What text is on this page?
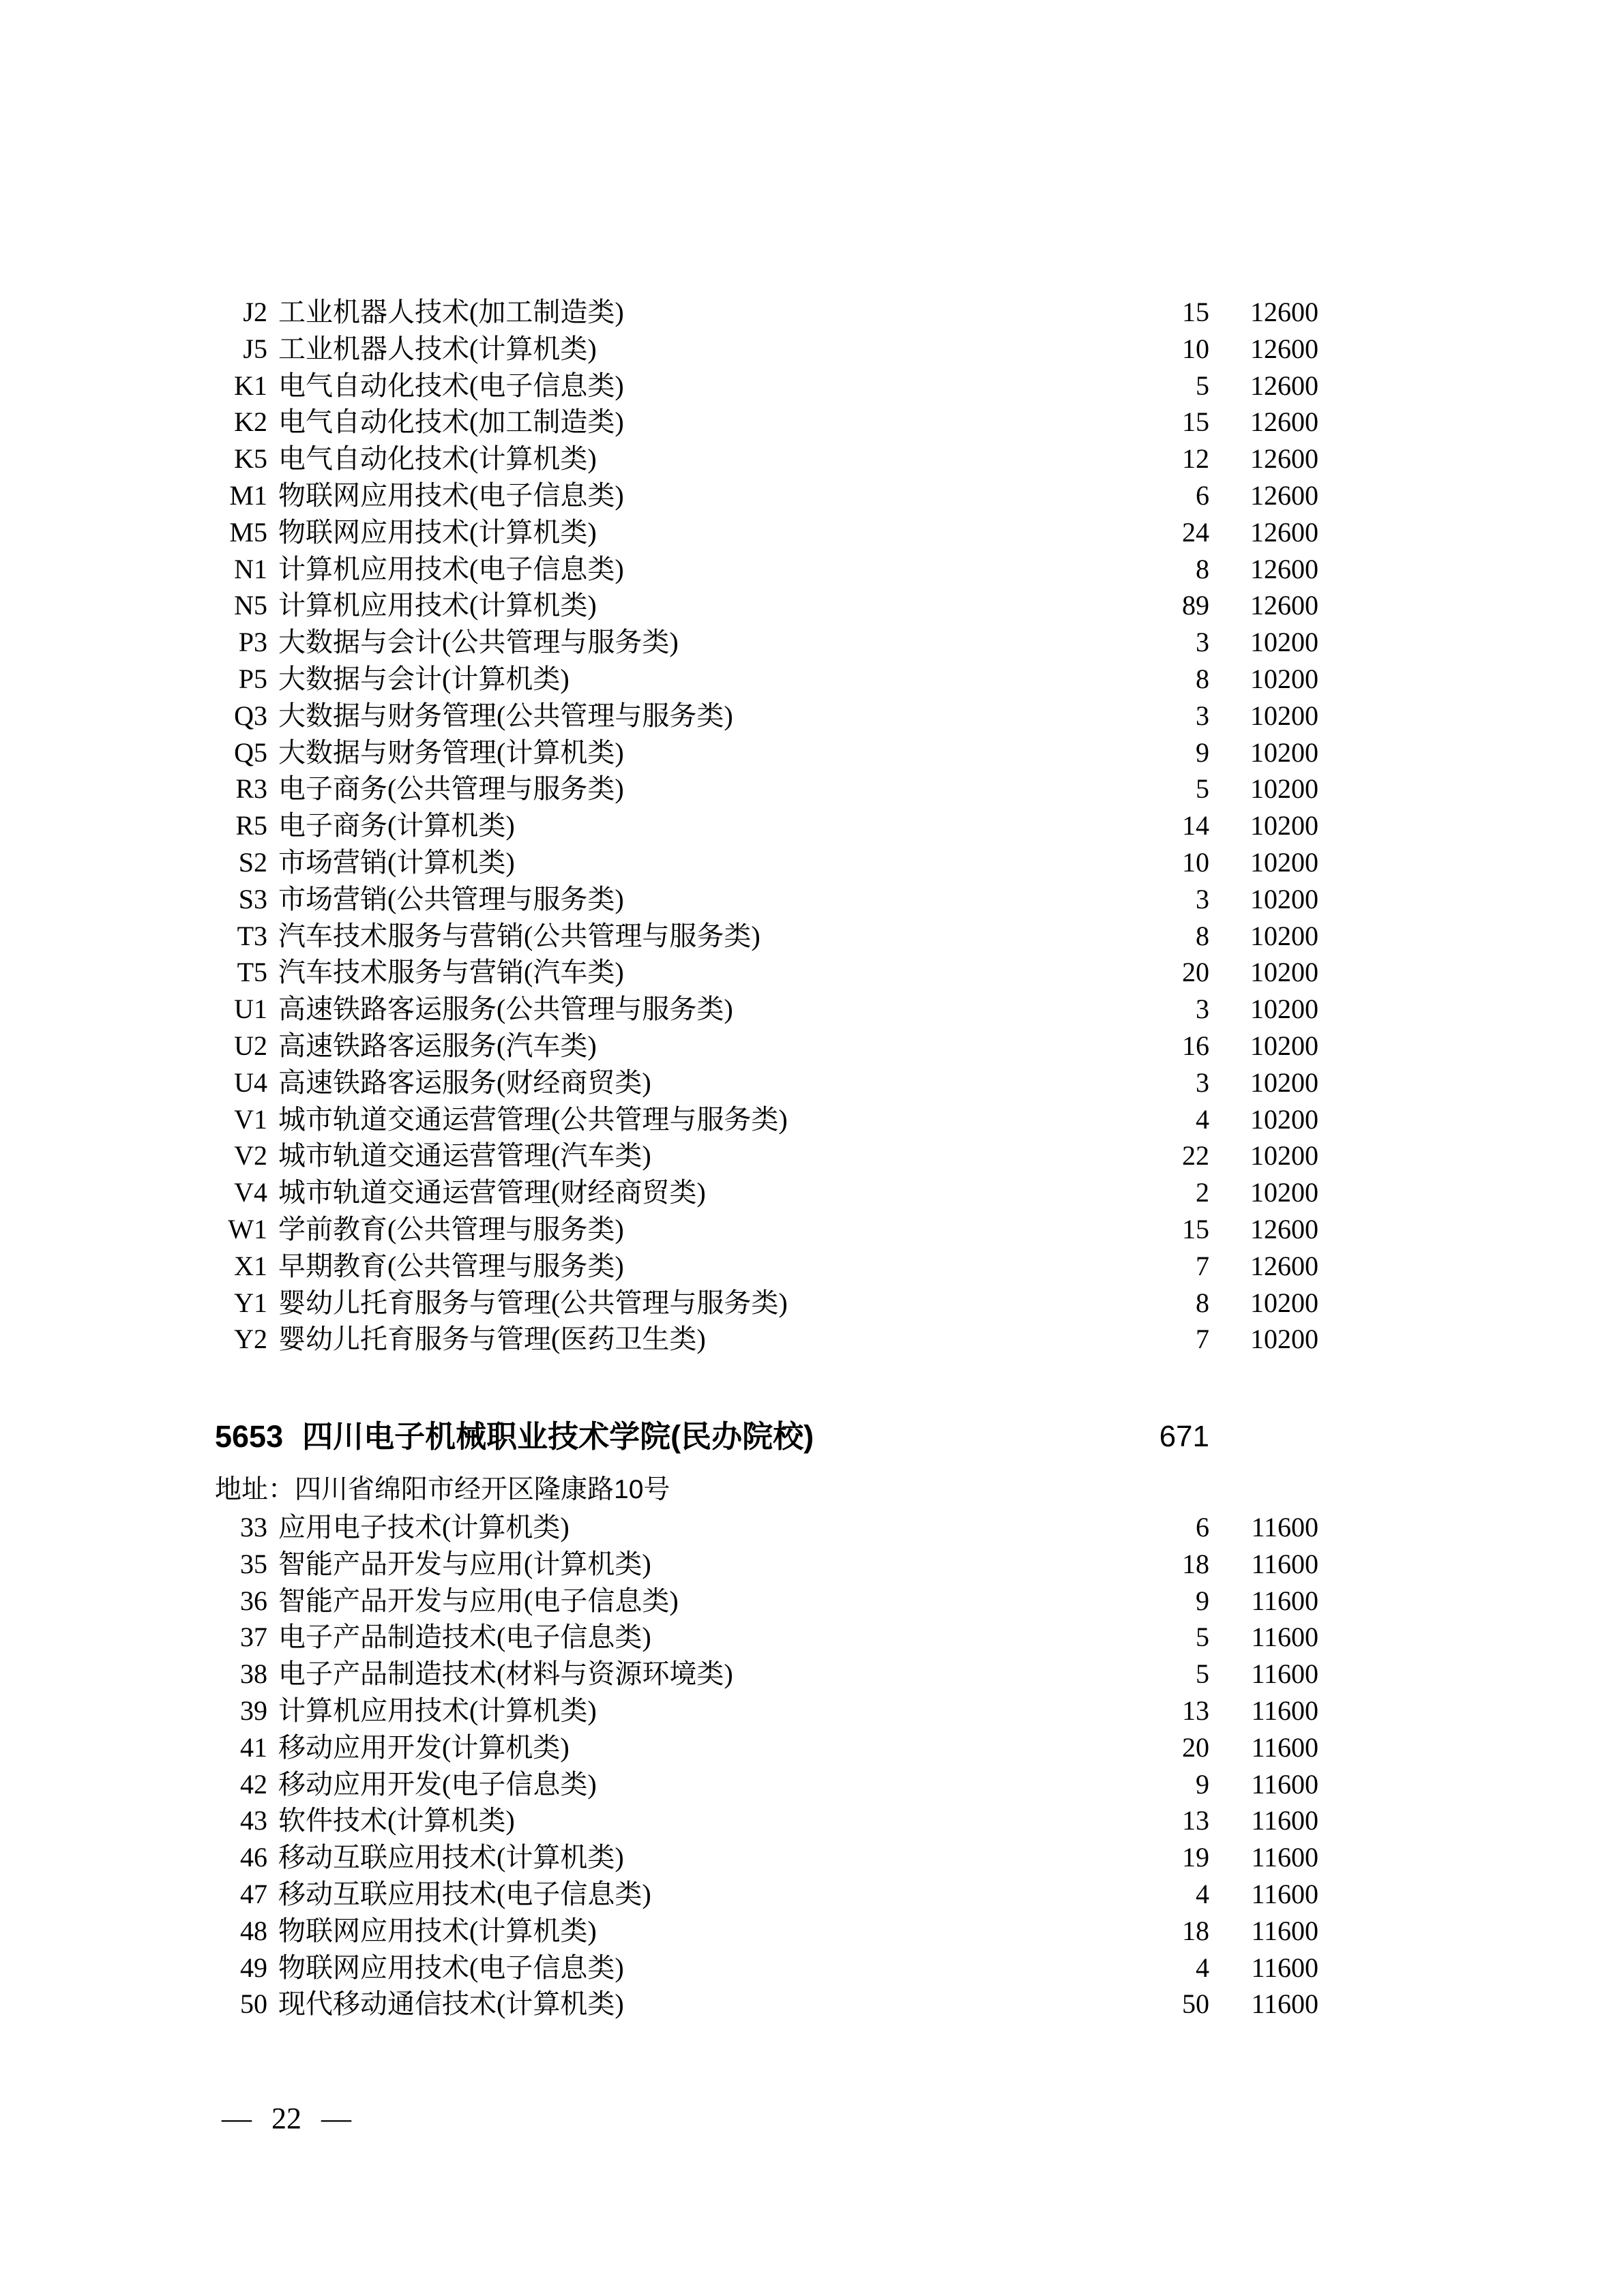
J2 工业机器人技术(加工制造类)	15	12600
J5 工业机器人技术(计算机类)	10	12600
K1 电气自动化技术(电子信息类)	5	12600
K2 电气自动化技术(加工制造类)	15	12600
K5 电气自动化技术(计算机类)	12	12600
M1 物联网应用技术(电子信息类)	6	12600
M5 物联网应用技术(计算机类)	24	12600
N1 计算机应用技术(电子信息类)	8	12600
N5 计算机应用技术(计算机类)	89	12600
P3 大数据与会计(公共管理与服务类)	3	10200
P5 大数据与会计(计算机类)	8	10200
Q3 大数据与财务管理(公共管理与服务类)	3	10200
Q5 大数据与财务管理(计算机类)	9	10200
R3 电子商务(公共管理与服务类)	5	10200
R5 电子商务(计算机类)	14	10200
S2 市场营销(计算机类)	10	10200
S3 市场营销(公共管理与服务类)	3	10200
T3 汽车技术服务与营销(公共管理与服务类)	8	10200
T5 汽车技术服务与营销(汽车类)	20	10200
U1 高速铁路客运服务(公共管理与服务类)	3	10200
U2 高速铁路客运服务(汽车类)	16	10200
U4 高速铁路客运服务(财经商贸类)	3	10200
V1 城市轨道交通运营管理(公共管理与服务类)	4	10200
V2 城市轨道交通运营管理(汽车类)	22	10200
V4 城市轨道交通运营管理(财经商贸类)	2	10200
W1 学前教育(公共管理与服务类)	15	12600
X1 早期教育(公共管理与服务类)	7	12600
Y1 婴幼儿托育服务与管理(公共管理与服务类)	8	10200
Y2 婴幼儿托育服务与管理(医药卫生类)	7	10200
5653 四川电子机械职业技术学院(民办院校)	671
地址：四川省绵阳市经开区隆康路10号
33 应用电子技术(计算机类)	6	11600
35 智能产品开发与应用(计算机类)	18	11600
36 智能产品开发与应用(电子信息类)	9	11600
37 电子产品制造技术(电子信息类)	5	11600
38 电子产品制造技术(材料与资源环境类)	5	11600
39 计算机应用技术(计算机类)	13	11600
41 移动应用开发(计算机类)	20	11600
42 移动应用开发(电子信息类)	9	11600
43 软件技术(计算机类)	13	11600
46 移动互联应用技术(计算机类)	19	11600
47 移动互联应用技术(电子信息类)	4	11600
48 物联网应用技术(计算机类)	18	11600
49 物联网应用技术(电子信息类)	4	11600
50 现代移动通信技术(计算机类)	50	11600
— 22 —
